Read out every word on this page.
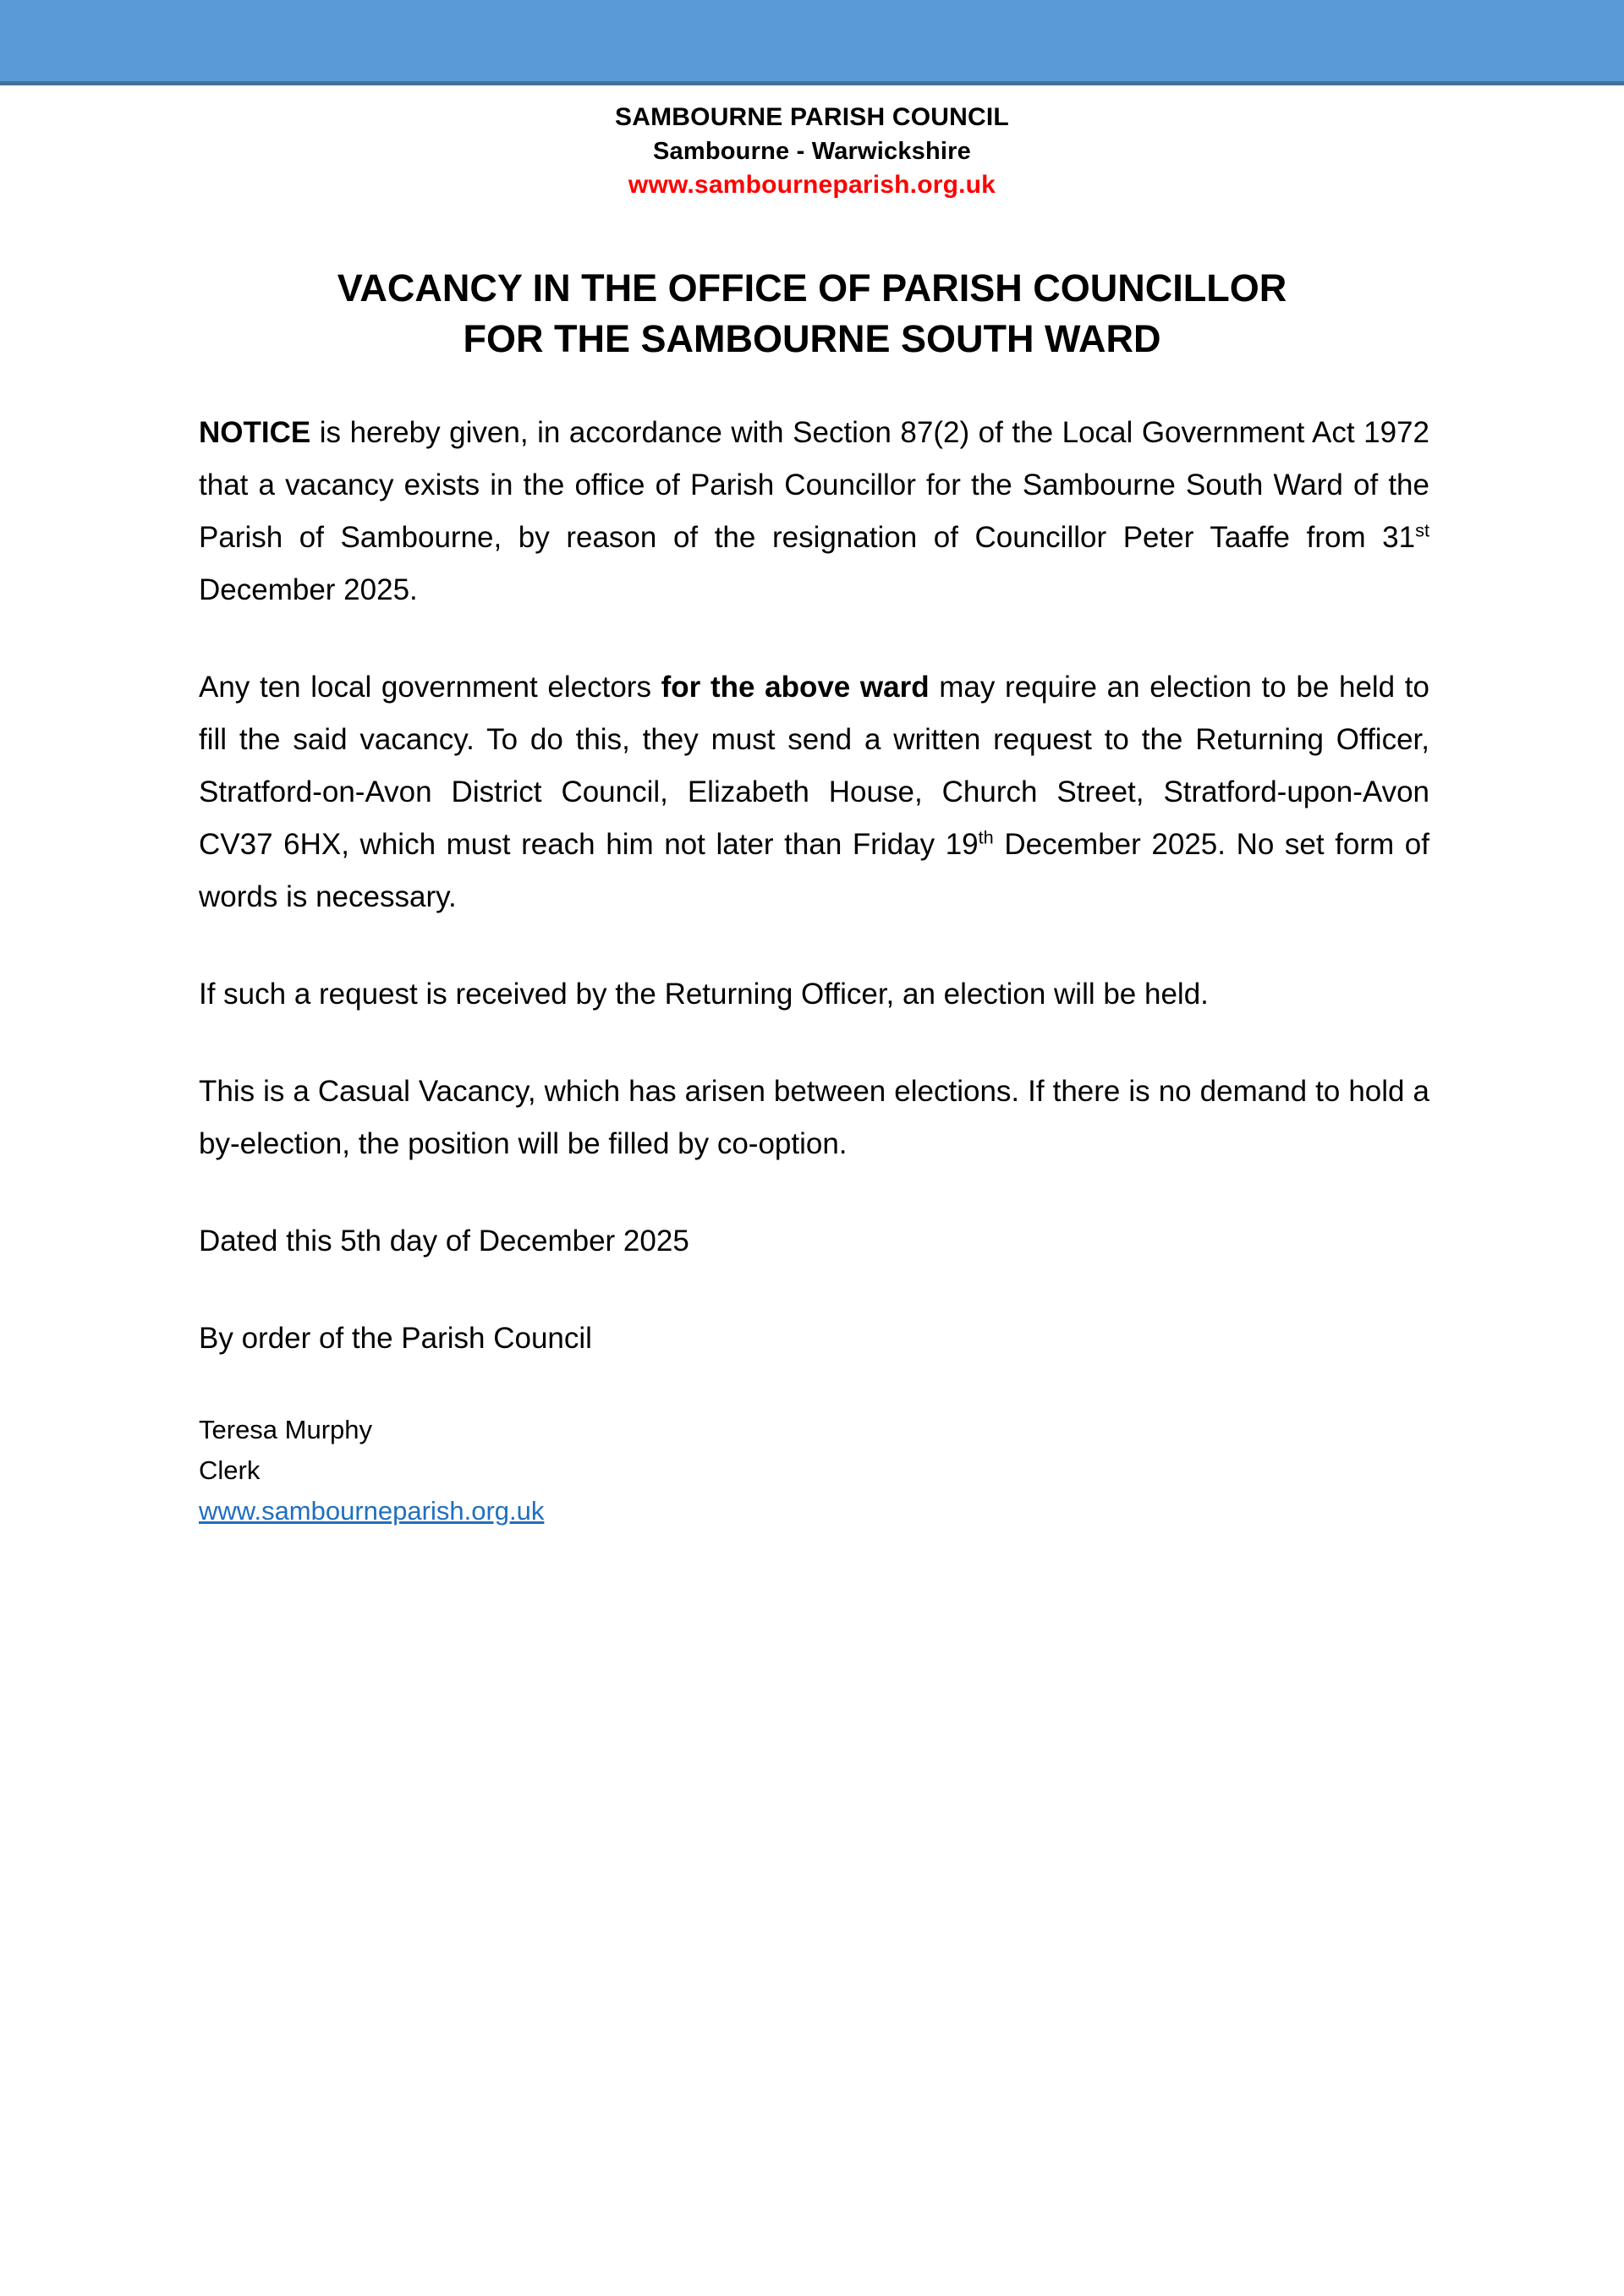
SAMBOURNE PARISH COUNCIL
Sambourne - Warwickshire
www.sambourneparish.org.uk
VACANCY IN THE OFFICE OF PARISH COUNCILLOR
FOR THE SAMBOURNE SOUTH WARD

NOTICE is hereby given, in accordance with Section 87(2) of the Local Government Act 1972 that a vacancy exists in the office of Parish Councillor for the Sambourne South Ward of the Parish of Sambourne, by reason of the resignation of Councillor Peter Taaffe from 31st December 2025.

Any ten local government electors for the above ward may require an election to be held to fill the said vacancy. To do this, they must send a written request to the Returning Officer, Stratford-on-Avon District Council, Elizabeth House, Church Street, Stratford-upon-Avon CV37 6HX, which must reach him not later than Friday 19th December 2025. No set form of words is necessary.

If such a request is received by the Returning Officer, an election will be held.

This is a Casual Vacancy, which has arisen between elections. If there is no demand to hold a by-election, the position will be filled by co-option.

Dated this 5th day of December 2025

By order of the Parish Council

Teresa Murphy
Clerk
www.sambourneparish.org.uk
